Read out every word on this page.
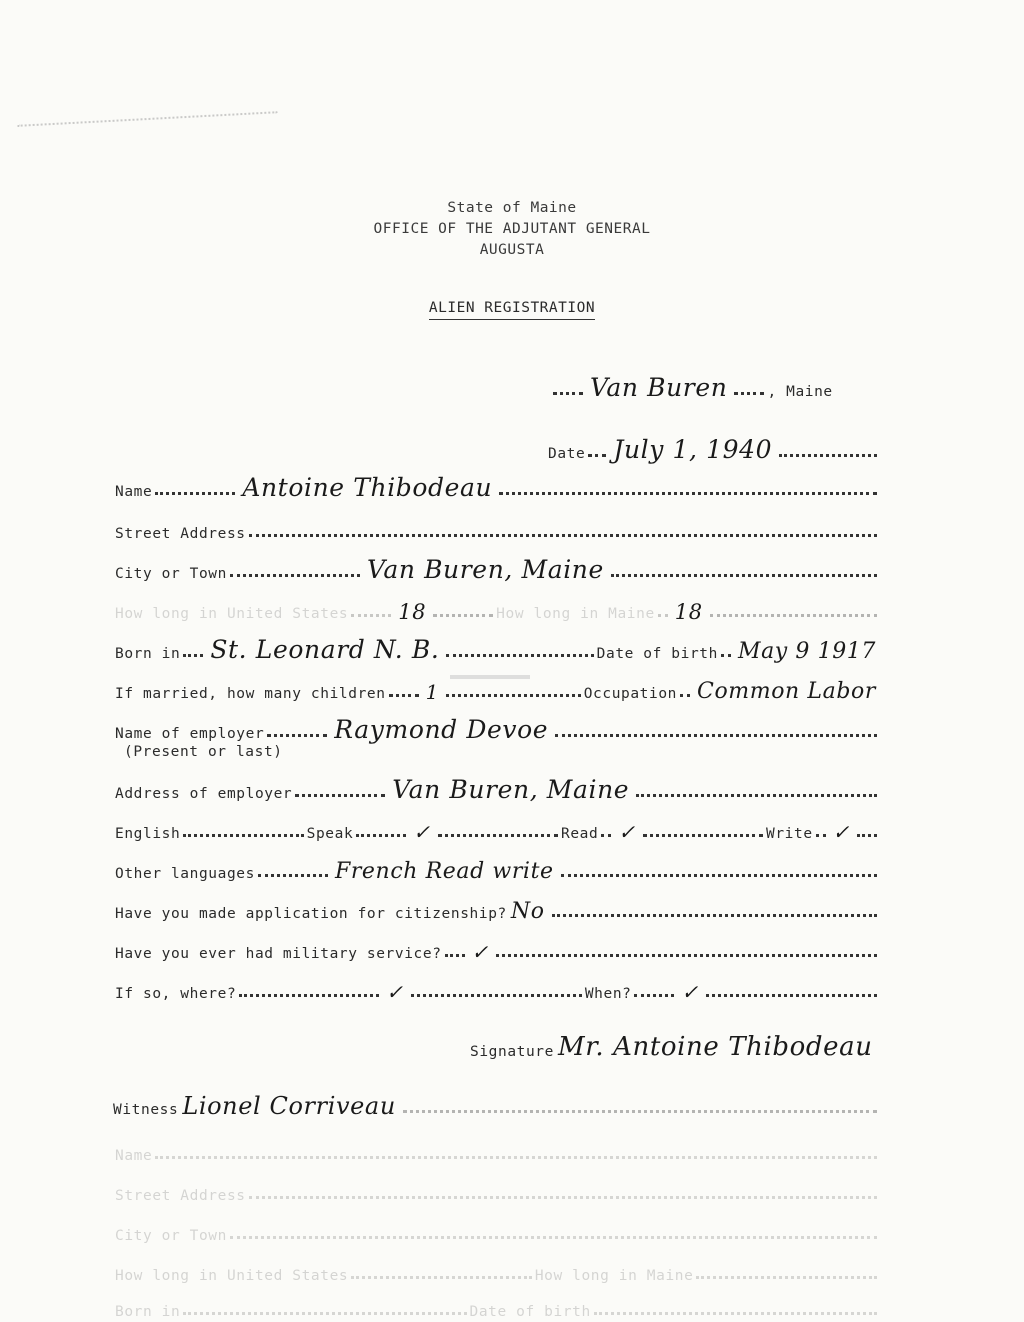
State of Maine
OFFICE OF THE ADJUTANT GENERAL
AUGUSTA
ALIEN REGISTRATION
Van Buren	, Maine
Date July 1, 1940
Name	Antoine Thibodeau
Street Address
City or Town	Van Buren, Maine
How long in United States 18	How long in Maine 18
Born in St. Leonard N. B.	Date of birth May 9 1917
If married, how many children 1	Occupation Common Labor
Name of employer	Raymond Devoe
(Present or last)
Address of employer	Van Buren, Maine
English	Speak	✓	Read ✓	Write ✓
Other languages	French Read write
Have you made application for citizenship? No
Have you ever had military service? ✓
If so, where?	✓	When?	✓
Signature Mr. Antoine Thibodeau
Witness Lionel Corriveau
Name
Street Address
City or Town
How long in United States	How long in Maine
Born in	Date of birth
